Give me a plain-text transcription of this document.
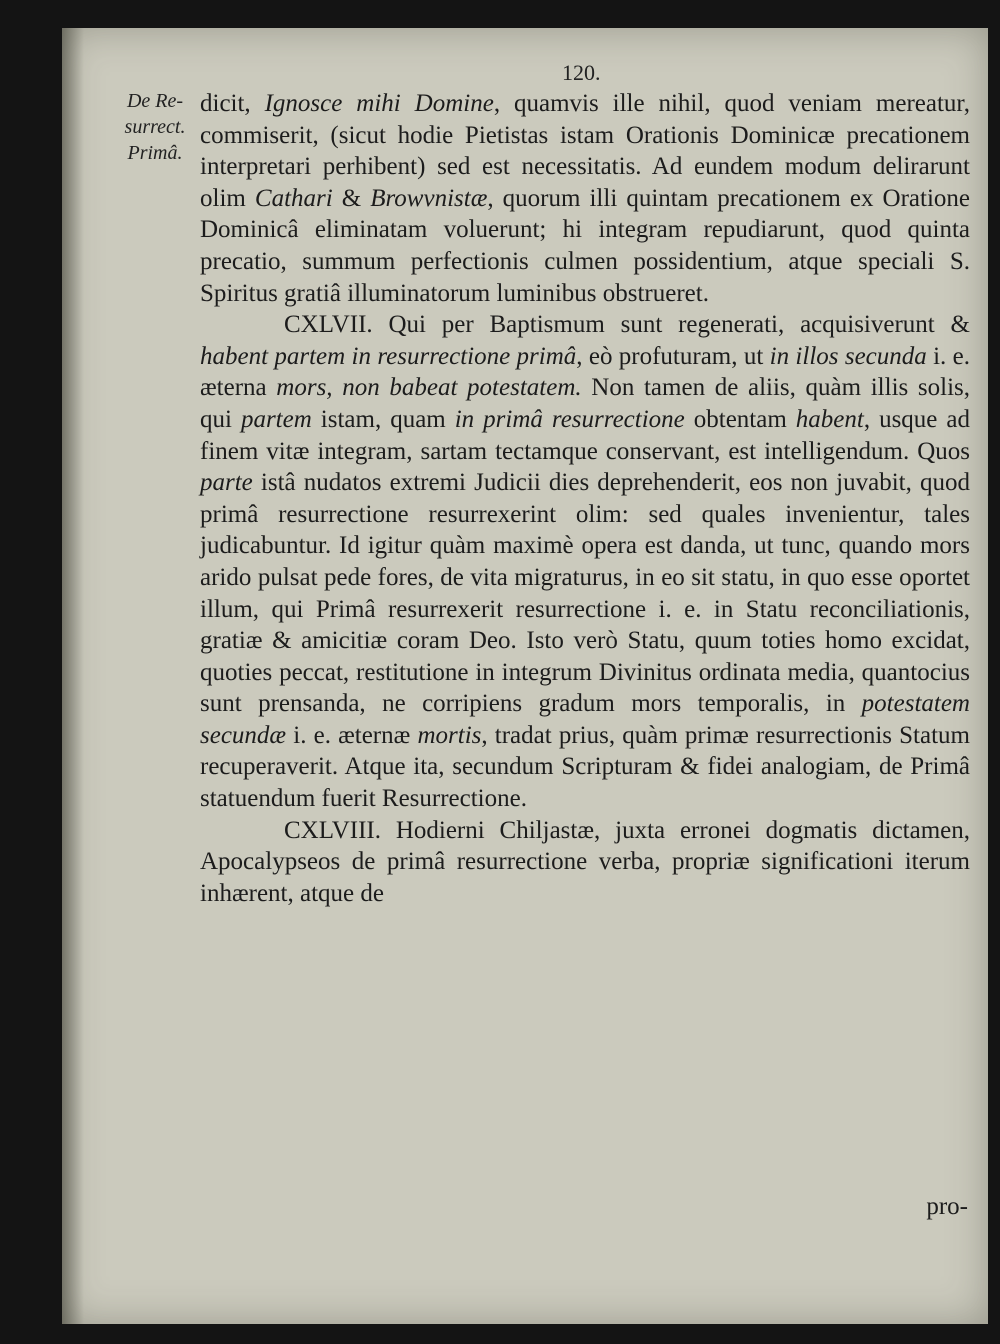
120.
De Re-
surrect.
Primâ.

dicit, Ignosce mihi Domine, quamvis ille nihil, quod veniam mereatur, commiserit, (sicut hodie Pietistas istam Orationis Dominicæ precationem interpretari perhibent) sed est necessitatis. Ad eundem modum delirarunt olim Cathari & Browvnistæ, quorum illi quintam precationem ex Oratione Dominicâ eliminatam voluerunt; hi integram repudiarunt, quod quinta precatio, summum perfectionis culmen possidentium, atque speciali S. Spiritus gratiâ illuminatorum luminibus obstrueret.

CXLVII. Qui per Baptismum sunt regenerati, acquisiverunt & habent partem in resurrectione primâ, eò profuturam, ut in illos secunda i. e. æterna mors, non babeat potestatem. Non tamen de aliis, quàm illis solis, qui partem istam, quam in primâ resurrectione obtentam habent, usque ad finem vitæ integram, sartam tectamque conservant, est intelligendum. Quos parte istâ nudatos extremi Judicii dies deprehenderit, eos non juvabit, quod primâ resurrectione resurrexerint olim: sed quales invenientur, tales judicabuntur. Id igitur quàm maximè opera est danda, ut tunc, quando mors arido pulsat pede fores, de vita migraturus, in eo sit statu, in quo esse oportet illum, qui Primâ resurrexerit resurrectione i. e. in Statu reconciliationis, gratiæ & amicitiæ coram Deo. Isto verò Statu, quum toties homo excidat, quoties peccat, restitutione in integrum Divinitus ordinata media, quantocius sunt prensanda, ne corripiens gradum mors temporalis, in potestatem secundæ i. e. æternæ mortis, tradat prius, quàm primæ resurrectionis Statum recuperaverit. Atque ita, secundum Scripturam & fidei analogiam, de Primâ statuendum fuerit Resurrectione.

CXLVIII. Hodierni Chiljastæ, juxta erronei dogmatis dictamen, Apocalypseos de primâ resurrectione verba, propriæ significationi iterum inhærent, atque de

pro-
